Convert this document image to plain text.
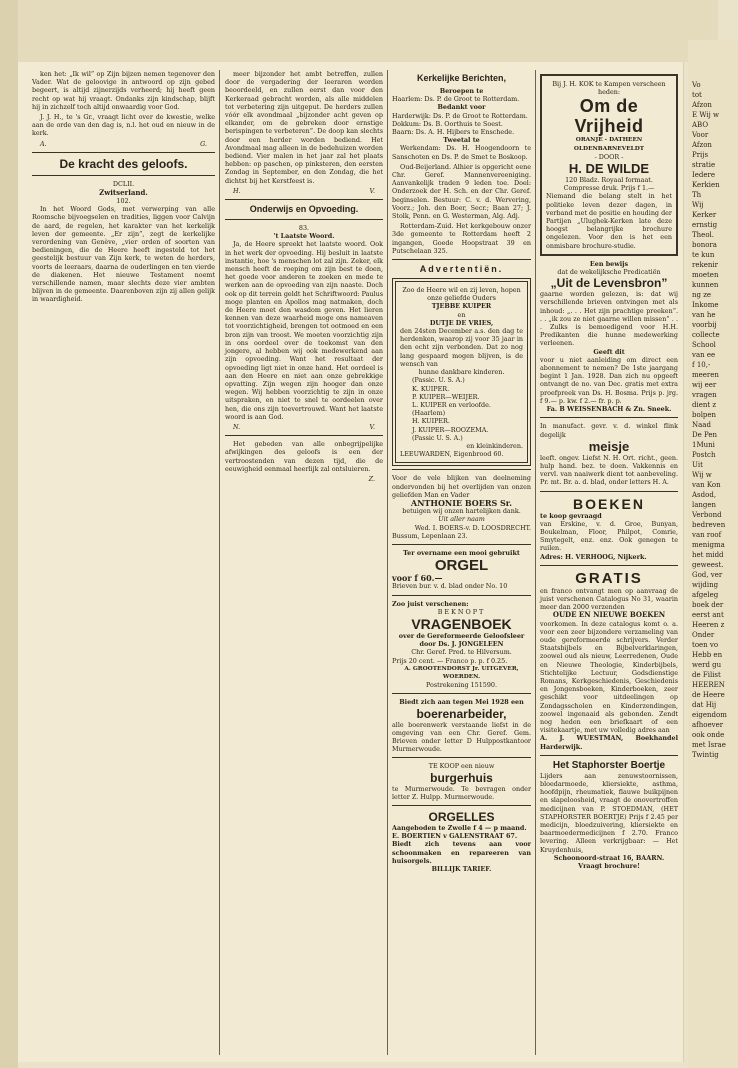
ken het: „Ik wil” op Zijn bijzen nemen tegenover den Vader. Wat de geloovige in antwoord op zijn gebed begeert, is altijd zijnerzijds verheerd; hij heeft geen recht op wat hij vraagt. Ondanks zijn kindschap, blijft hij in zichzelf toch altijd onwaardig voor God.

J. J. H., te 's Gr., vraagt licht over de kwestie, welke aan de orde van den dag is, n.l. het oud en nieuw in de kerk.

A.	G.
De kracht des geloofs.
DCLII.
Zwitserland.
102.

In het Woord Gods, met verwerping van alle Roomsche bijvoegselen en tradities, liggen voor Calvijn de aard, de regelen, het karakter van het kerkelijk leven der gemeente. „Er zijn”, zegt de kerkelijke verordening van Genève, „vier orden of soorten van bedieningen, die de Heere heeft ingesteld tot het geestelijk bestuur van Zijn kerk, te weten de herders, voorts de leeraars, daarna de ouderlingen en ten vierde de diakenen. Het nieuwe Testament noemt verschillende namen, maar slechts deze vier ambten blijven in de gemeente. Daarenboven zijn zij allen gelijk in waardigheid.

meer bijzonder het ambt betreffen, zullen door de vergadering der leeraren worden beoordeeld, en zullen eerst dan voor den Kerkeraad gebracht worden, als alle middelen tot verbetering zijn uitgeput. De herders zullen vóór elk avondmaal „bijzonder acht geven op elkander, om de gebreken door ernstige berispingen te verbeteren”. De doop kan slechts door een herder worden bediend. Het Avondmaal mag alleen in de bedehuizen worden bediend. Vier malen in het jaar zal het plaats hebben: op paschen, op pinksteren, den eersten Zondag in September, en den Zondag, die het dichtst bij het Kerstfeest is.

H.	V.
Onderwijs en Opvoeding.
83.
't Laatste Woord.

Ja, de Heere spreekt het laatste woord. Ook in het werk der opvoeding. Hij besluit in laatste instantie, hoe 's menschen lot zal zijn. Zeker, elk mensch heeft de roeping om zijn best te doen, het goede voor anderen te zoeken en mede te werken aan de opvoeding van zijn naaste. Doch ook op dit terrein geldt het Schriftwoord: Paulus moge planten en Apollos mag natmaken, doch de Heere moet den wasdom geven. Het lieren kennen van deze waarheid moge ons nameaven tot voorzichtigheid, brengen tot ootmoed en een bron zijn van troost. We moeten voorzichtig zijn in ons oordeel over de toekomst van den jongere, al hebben wij ook medewerkend aan zijn opvoeding. Want het resultaat der opvoeding ligt niet in onze hand. Het oordeel is aan den Heere en niet aan onze gebrekkige opvatting. Zijn wegen zijn hooger dan onze wegen. Wij hebben voorzichtig te zijn in onze uitspraken, en niet te snel te oordeelen over hen, die ons zijn toevertrouwd. Want het laatste woord is aan God.

N.	V.

Het gebeden van alle onbegrijpelijke afwijkingen des geloofs is een der vertroostenden van dezen tijd, die de eeuwigheid eenmaal heerlijk zal ontsluieren.

Z.
Kerkelijke Berichten,
Beroepen te
Haarlem: Ds. P. de Groot te Rotterdam.
Bedankt voor
Harderwijk: Ds. P. de Groot te Rotterdam.
Dokkum: Ds. B. Oorthuis te Soest.
Baarn: Ds. A. H. Hijbers te Enschede.
Tweetal te

Werkendam: Ds. H. Hoogendoorn te Sanschoten en Ds. P. de Smet te Boskoop.

Oud-Beijerland. Alhier is opgericht eene Chr. Geref. Mannenvereeniging. Aanvankelijk traden 9 leden toe. Doel: Onderzoek der H. Sch. en der Chr. Geref. beginselen. Bestuur: C. v. d. Wervering, Voorz.; Joh. den Boer, Secr.; Baan 27; J. Stolk, Penn. en G. Westerman, Alg. Adj.

Rotterdam-Zuid. Het kerkgebouw onzer 3de gemeente te Rotterdam heeft 2 ingangen, Goede Hoopstraat 39 en Putschelaan 325.

Advertentiën.
Zoo de Heere wil en zij leven, hopen onze geliefde Ouders
TJEBBE KUIPER
en
DUTJE DE VRIES,
den 24sten December a.s. den dag te herdenken, waarop zij voor 35 jaar in den echt zijn verbonden. Dat zo nog lang gespaard mogen blijven, is de wensch van
hunne dankbare kinderen.
(Passic. U. S. A.)
K. KUIPER.
P. KUIPER—WEIJER.
L. KUIPER en verloofde.
(Haarlem)
H. KUIPER.
J. KUIPER—ROOZEMA.
(Passic U. S. A.)
en kleinkinderen.
LEEUWARDEN, Eigenbrood 60.
Voor de vele blijken van deelneming ondervonden bij het overlijden van onzen geliefden Man en Vader
ANTHONIE BOERS Sr.
betuigen wij onzen hartelijken dank.
Uit aller naam
Wed. I. BOERS-v. D. LOOSDRECHT.
Bussum, Lepenlaan 23.
Ter overname een mooi gebruikt
ORGEL
voor f 60.—
Brieven bur. v. d. blad onder No. 10
Zoo juist verschenen:
BEKNOPT
VRAGENBOEK
over de Gereformeerde Geloofsleer
door Ds. J. JONGELEEN
Chr. Geref. Pred. te Hilversum.
Prijs 20 cent. — Franco p. p. f 0.25.
A. GROOTENDORST Jr. UITGEVER, WOERDEN.
Postrekening 151590.
Biedt zich aan tegen Mei 1928 een
boerenarbeider,
alle boerenwerk verstaande liefst in de omgeving van een Chr. Geref. Gem. Brieven onder letter D Hulppostkantoor Murmerwoude.
TE KOOP een nieuw
burgerhuis
te Murmerwoude. Te bevragen onder letter Z. Hulpp. Murmerwoude.
ORGELLES
Aangeboden te Zwolle f 4 — p maand.
E. BOERTIEN v GALENSTRAAT 67.
Biedt zich tevens aan voor schoonmaken en repareeren van huisorgels.
BILLIJK TARIEF.
Bij J. H. KOK te Kampen verscheen heden:
Om de Vrijheid
ORANJE - DATHEEN OLDENBARNEVELDT
- DOOR -
H. DE WILDE
120 Bladz. Royaal formaat.
Compresse druk. Prijs f 1.—
Niemand die belang stelt in het politieke leven dezer dagen, in verband met de positie en houding der Partijen „Ulughek-Kerken late deze hoogst belangrijke brochure ongelezen. Voor den is het een onmisbare brochure-studie.
Een bewijs
dat de wekelijksche Predicatiën
„Uit de Levensbron”
gaarne worden gelezen, is: dat wij verschillende brieven ontvingen met als inhoud: „. . . Het zijn prachtige preeken”. . . „ik zou ze niet gaarne willen missen” . . . Zulks is bemoedigend voor H.H. Predikanten die hunne medewerking verleenen.
Geeft dit
voor u niet aanleiding om direct een abonnement te nemen? De 1ste jaargang begint 1 Jan. 1928. Dan zich nu opgeeft ontvangt de no. van Dec. gratis met extra proefpreek van Ds. H. Bosma. Prijs p. jrg. f 9.— p. kw. f 2.— fr. p. p.
Fa. B WEISSENBACH & Zn. Sneek.
In manufact. gevr. v. d. winkel flink degelijk
meisje
leeft. ongev. Liefst N. H. Ort. richt., geen. hulp hand. bez. te doen. Vakkennis en vervl. van naaiwerk dient tot aanbeveling. Pr. mt. Br. a. d. blad, onder letters H. A.
BOEKEN
te koop gevraagd
van Erskine, v. d. Groe, Bunyan, Boukelman, Floor, Philpot, Comrie, Smytegelt, enz. enz. Ook genegen te ruilen.
Adres: H. VERHOOG, Nijkerk.
GRATIS
en franco ontvangt men op aanvraag de juist verschenen Catalogus No 31, waarin meer dan 2000 verzenden
OUDE EN NIEUWE BOEKEN
voorkomen. In deze catalogus komt o. a. voor een zeer bijzondere verzameling van oude gereformeerde schrijvers. Verder Staatsbijbels en Bijbelverklaringen, zoowel oud als nieuw, Leerredenen, Oude en Nieuwe Theologie, Kinderbijbels, Stichtelijke Lectuur, Godsdienstige Romans, Kerkgeschiedenis, Geschiedenis en Jongensboeken, Kinderboeken, zeer geschikt voor uitdeelingen op Zondagsscholen en Kinderzendingen, zoowel ingenaaid als gebonden. Zendt nog heden een briefkaart of een visitekaartje, met uw volledig adres aan
A. J. WUESTMAN, Boekhandel Harderwijk.
Het Staphorster Boertje
Lijders aan zenuwstoornissen, bloedarmoede, kliersiekte, asthma, hoofdpijn, rheumatiek, flauwe buikpijnen en slapeloosheid, vraagt de onovertroffen medicijnen van P. STOEDMAN, (HET STAPHORSTER BOERTJE) Prijs f 2.45 per medicijn, bloedzuivering, kliersiekte en baarmoedermedicijnen f 2.70. Franco levering. Alleen verkrijgbaar: — Het Kruydenhuis,
Schoonoord-straat 16, BAARN.
Vraagt brochure!
Vo
tot
Afzon
E Wij w
ABO
Voor
Afzon
Prijs
stratie
Iedere
Kerkien
Th
Wij
Kerker
ernstig
Theol.
bonora
te kun
rekenir
moeten
kunnen
ng ze
Inkome
van he
voorbij
collecte
School
van ee
f 10,-
meeren
wij eer
vragen
dient z
bolpen
Naad
De Pen
1Muni
Postch
Uit
Wij w
van Kon
Asdod,
langen
Verbond
bedreven
van roof
menigma
het midd
geweest.
God, ver
wijding
afgeleg
boek der
eerst ant
Heeren z
Onder
toen vo
Hebb en
werd gu
de Filist
HEEREN
de Heere
dat Hij
eigendom
afhoever
ook onde
met Israe
Twintig
